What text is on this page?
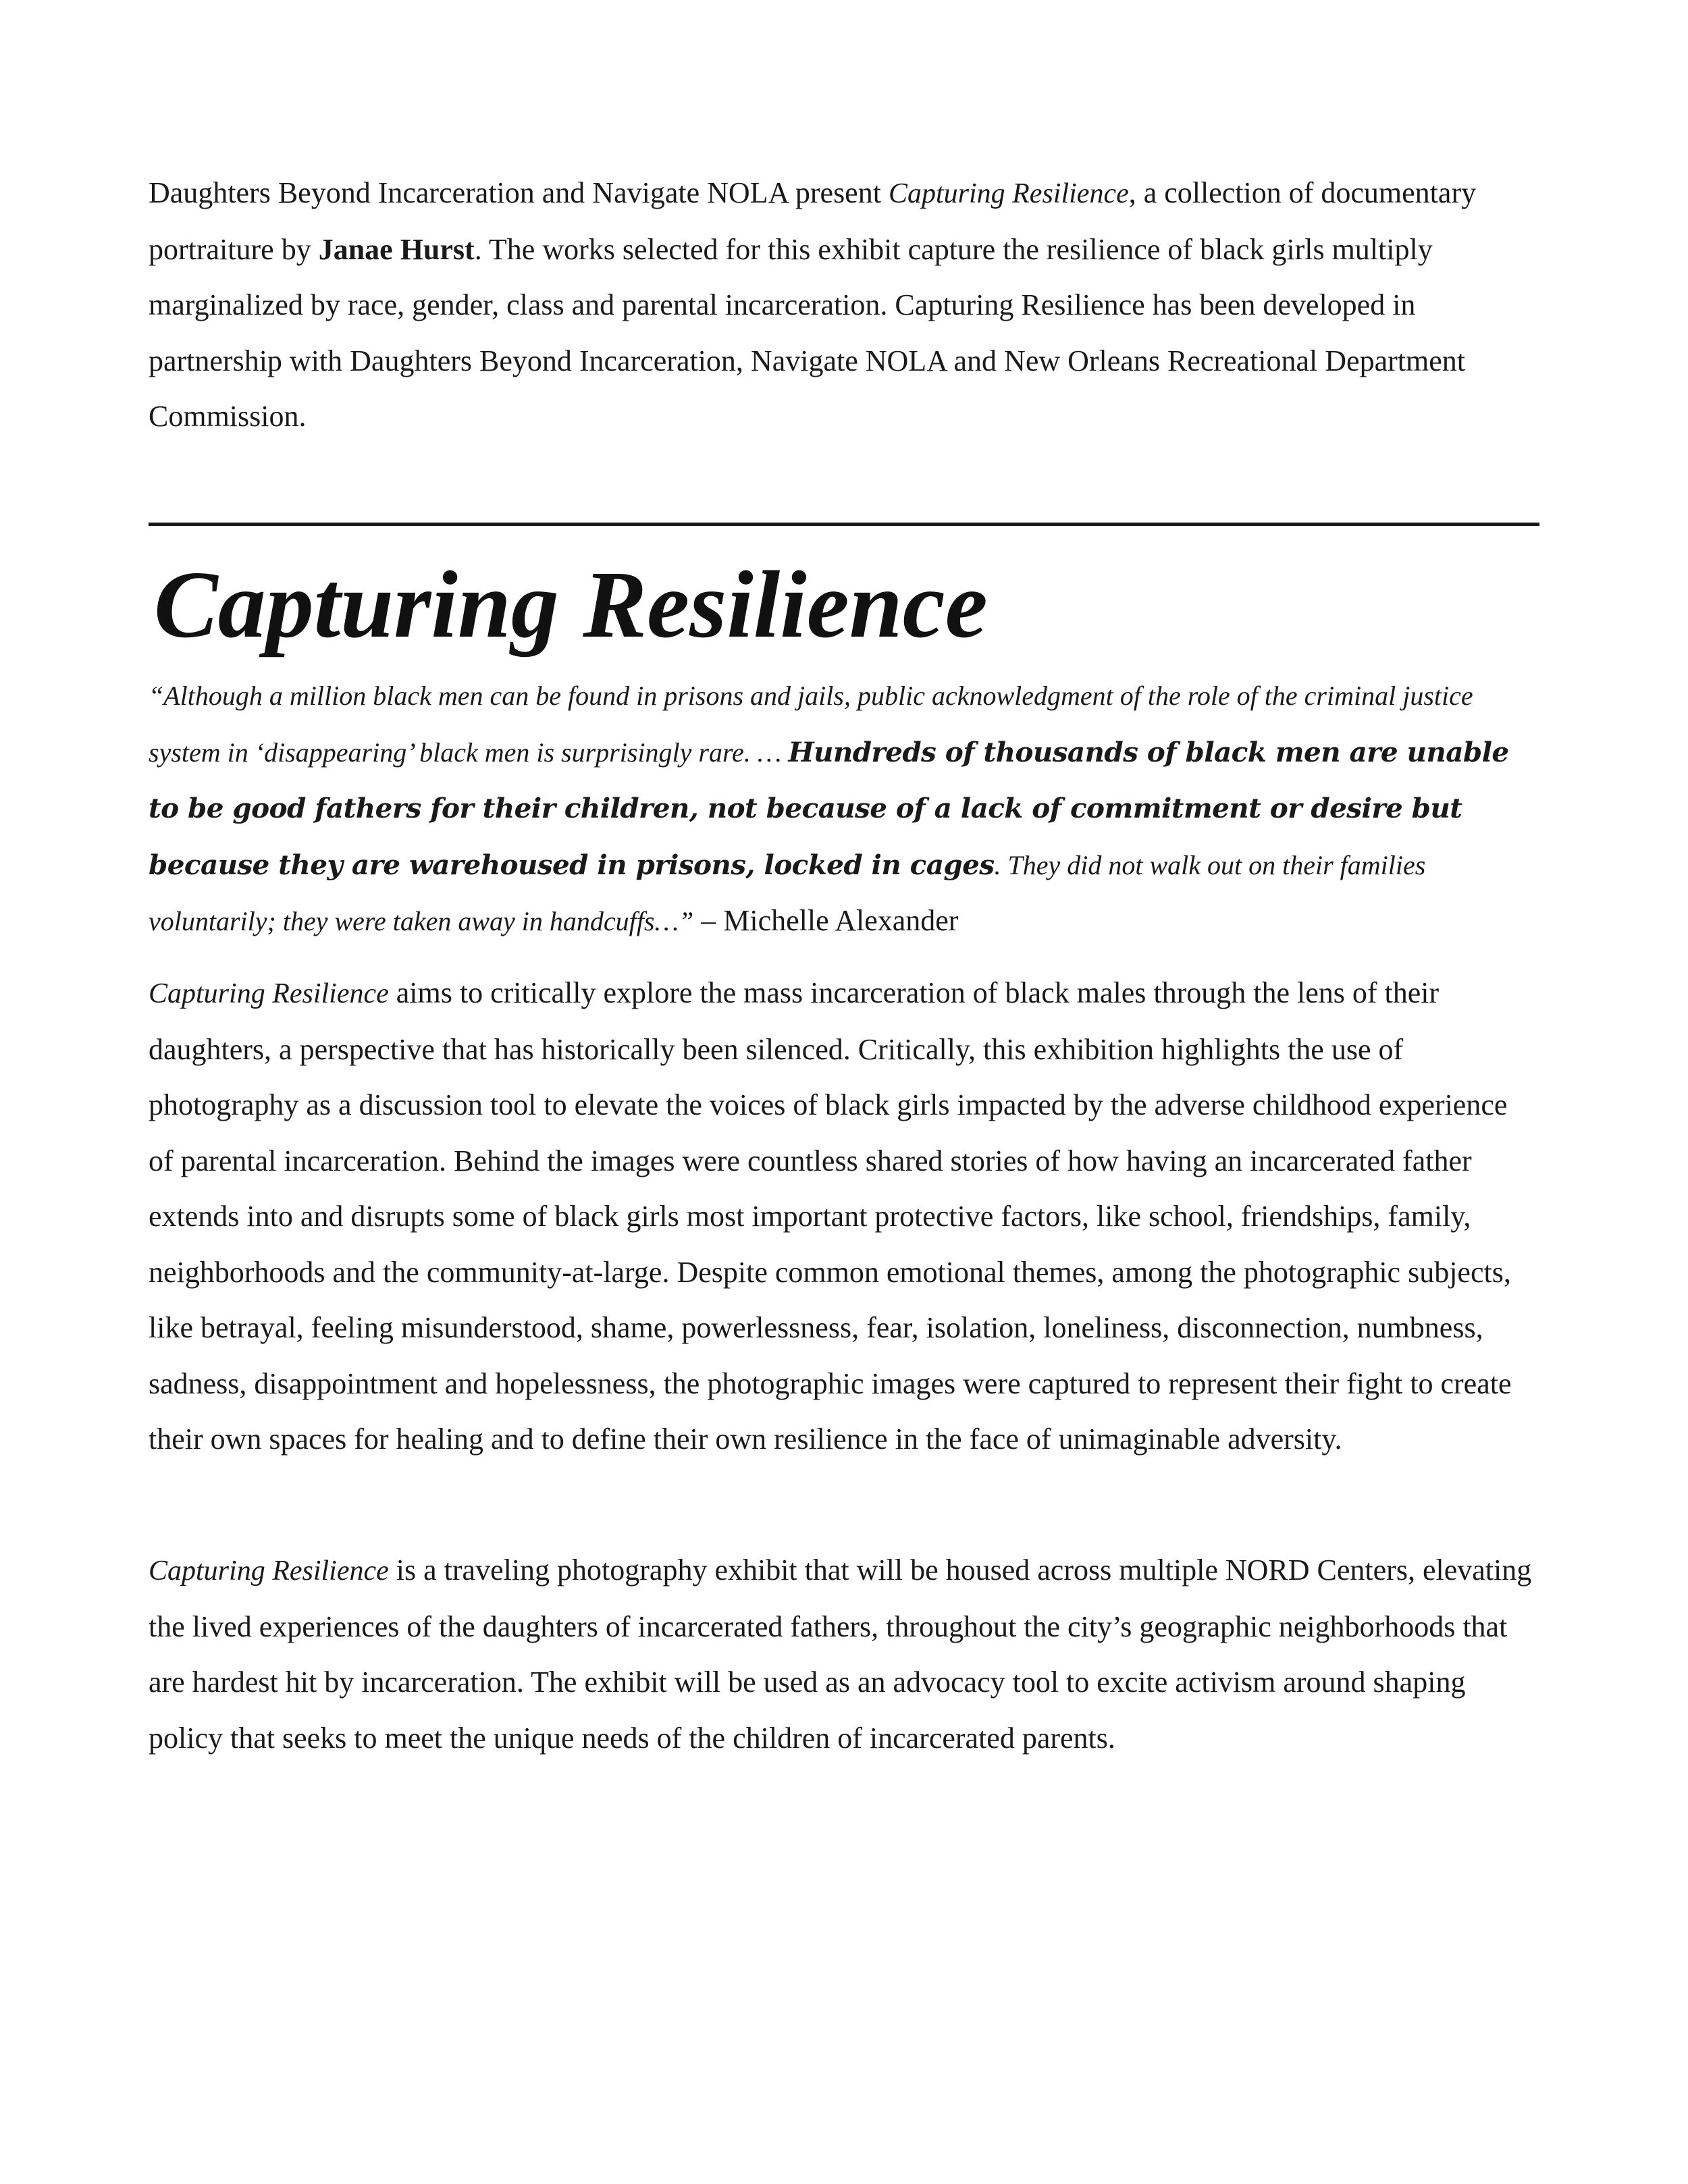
Daughters Beyond Incarceration and Navigate NOLA present Capturing Resilience, a collection of documentary portraiture by Janae Hurst. The works selected for this exhibit capture the resilience of black girls multiply marginalized by race, gender, class and parental incarceration. Capturing Resilience has been developed in partnership with Daughters Beyond Incarceration, Navigate NOLA and New Orleans Recreational Department Commission.

Capturing Resilience

“Although a million black men can be found in prisons and jails, public acknowledgment of the role of the criminal justice system in ‘disappearing’ black men is surprisingly rare. … Hundreds of thousands of black men are unable to be good fathers for their children, not because of a lack of commitment or desire but because they are warehoused in prisons, locked in cages. They did not walk out on their families voluntarily; they were taken away in handcuffs…” – Michelle Alexander

Capturing Resilience aims to critically explore the mass incarceration of black males through the lens of their daughters, a perspective that has historically been silenced. Critically, this exhibition highlights the use of photography as a discussion tool to elevate the voices of black girls impacted by the adverse childhood experience of parental incarceration. Behind the images were countless shared stories of how having an incarcerated father extends into and disrupts some of black girls most important protective factors, like school, friendships, family, neighborhoods and the community-at-large. Despite common emotional themes, among the photographic subjects, like betrayal, feeling misunderstood, shame, powerlessness, fear, isolation, loneliness, disconnection, numbness, sadness, disappointment and hopelessness, the photographic images were captured to represent their fight to create their own spaces for healing and to define their own resilience in the face of unimaginable adversity.

Capturing Resilience is a traveling photography exhibit that will be housed across multiple NORD Centers, elevating the lived experiences of the daughters of incarcerated fathers, throughout the city’s geographic neighborhoods that are hardest hit by incarceration. The exhibit will be used as an advocacy tool to excite activism around shaping policy that seeks to meet the unique needs of the children of incarcerated parents.
